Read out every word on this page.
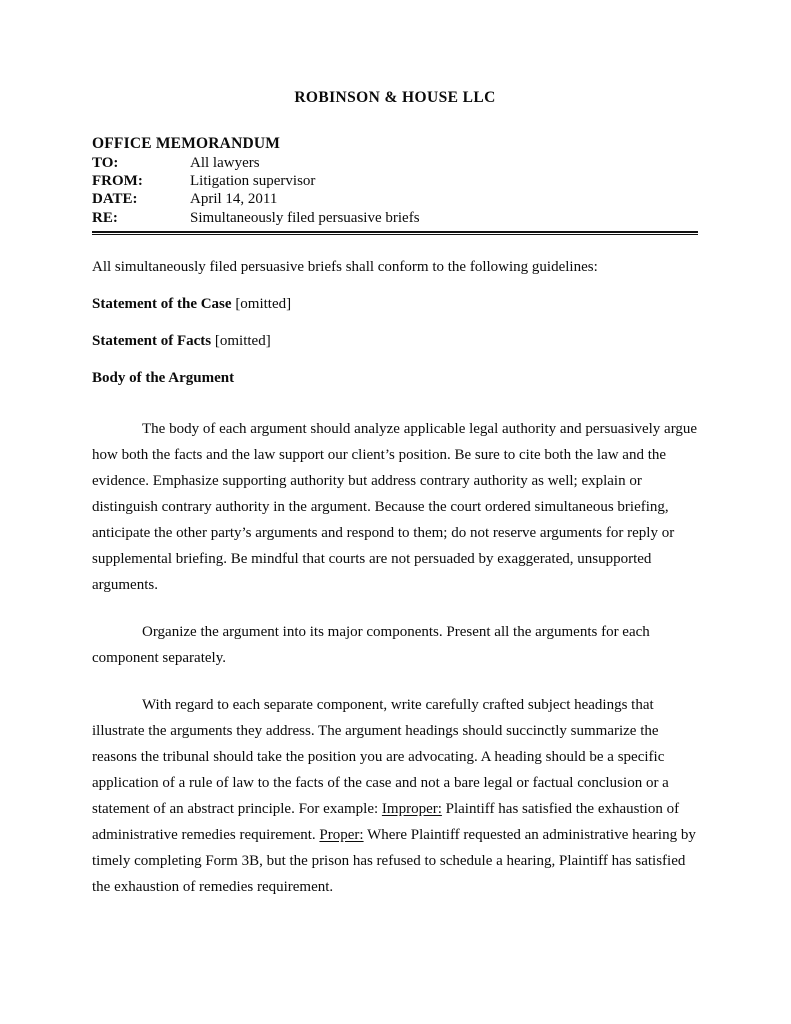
ROBINSON & HOUSE LLC
OFFICE MEMORANDUM
TO:	All lawyers
FROM:	Litigation supervisor
DATE:	April 14, 2011
RE:	Simultaneously filed persuasive briefs
All simultaneously filed persuasive briefs shall conform to the following guidelines:
Statement of the Case [omitted]
Statement of Facts [omitted]
Body of the Argument
The body of each argument should analyze applicable legal authority and persuasively argue how both the facts and the law support our client’s position. Be sure to cite both the law and the evidence. Emphasize supporting authority but address contrary authority as well; explain or distinguish contrary authority in the argument. Because the court ordered simultaneous briefing, anticipate the other party’s arguments and respond to them; do not reserve arguments for reply or supplemental briefing. Be mindful that courts are not persuaded by exaggerated, unsupported arguments.
Organize the argument into its major components. Present all the arguments for each component separately.
With regard to each separate component, write carefully crafted subject headings that illustrate the arguments they address. The argument headings should succinctly summarize the reasons the tribunal should take the position you are advocating. A heading should be a specific application of a rule of law to the facts of the case and not a bare legal or factual conclusion or a statement of an abstract principle. For example: Improper: Plaintiff has satisfied the exhaustion of administrative remedies requirement. Proper: Where Plaintiff requested an administrative hearing by timely completing Form 3B, but the prison has refused to schedule a hearing, Plaintiff has satisfied the exhaustion of remedies requirement.
